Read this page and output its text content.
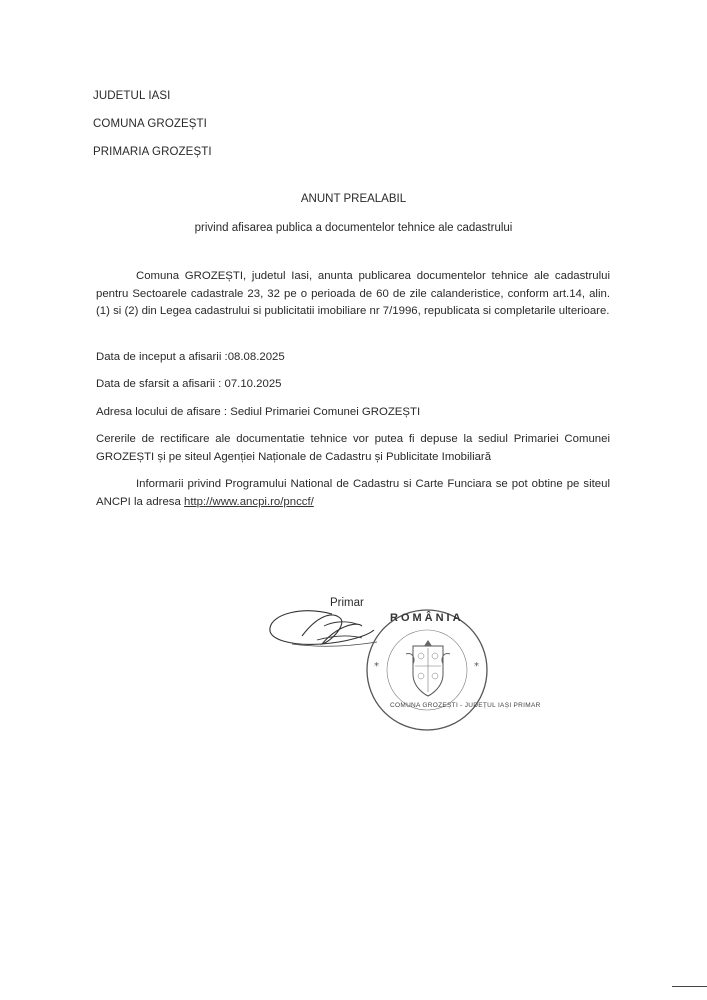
JUDETUL IASI
COMUNA GROZEȘTI
PRIMARIA GROZEȘTI
ANUNT PREALABIL
privind afisarea publica a documentelor tehnice ale cadastrului
Comuna GROZEȘTI, judetul Iasi, anunta publicarea documentelor tehnice ale cadastrului pentru Sectoarele cadastrale 23, 32 pe o perioada de 60 de zile calanderistice, conform art.14, alin. (1) si (2) din Legea cadastrului si publicitatii imobiliare nr 7/1996, republicata si completarile ulterioare.
Data de inceput a afisarii :08.08.2025
Data de sfarsit a afisarii : 07.10.2025
Adresa locului de afisare : Sediul Primariei Comunei GROZEȘTI
Cererile de rectificare ale documentatie tehnice vor putea fi depuse la sediul Primariei Comunei GROZEȘTI și pe siteul Agenției Naționale de Cadastru și Publicitate Imobiliară
Informarii privind Programului National de Cadastru si Carte Funciara se pot obtine pe siteul ANCPI la adresa http://www.ancpi.ro/pnccf/
Primar
*	*
ROMÂNIA
COMUNA GROZEȘTI - JUDEȚUL IAȘI PRIMAR
